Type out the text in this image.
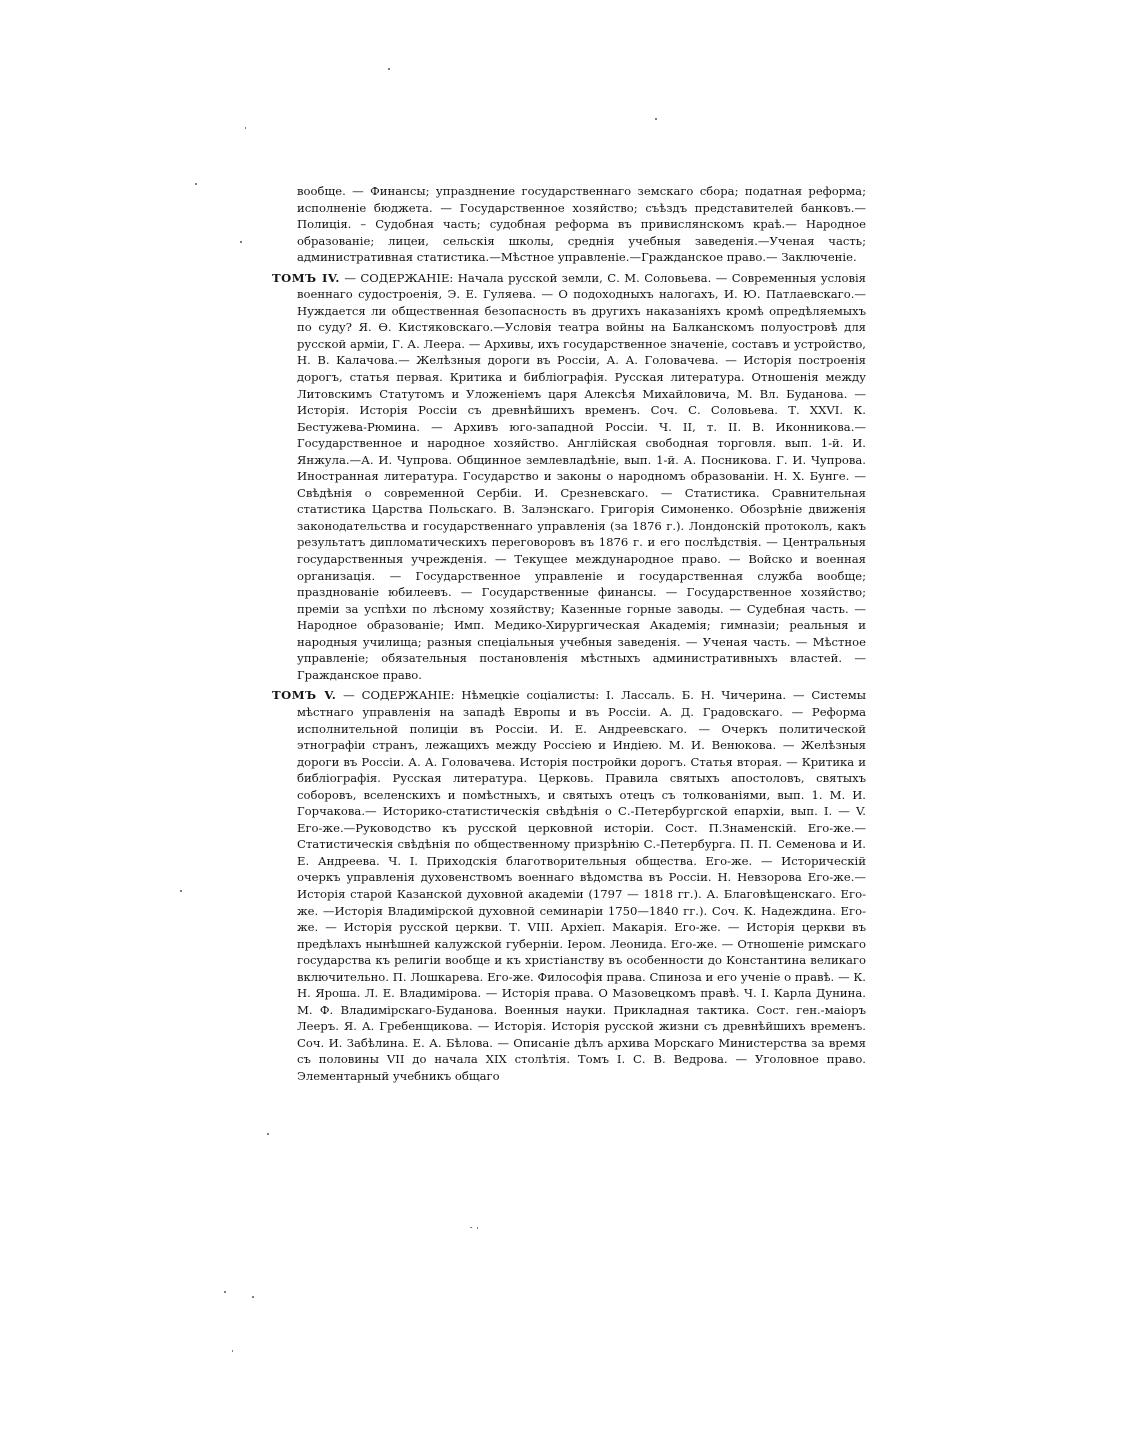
вообще. — Финансы; упразднение государственнаго земскаго сбора; податная реформа; исполненіе бюджета. — Государственное хозяйство; съѣздъ представителей банковъ.—Полиція. – Судобная часть; судобная реформа въ привислянскомъ краѣ.— Народное образованіе; лицеи, сельскія школы, среднія учебныя заведенія.—Ученая часть; административная статистика.—Мѣстное управленіе.—Гражданское право.— Заключеніе.

ТОМЪ IV. — СОДЕРЖАНІЕ: Начала русской земли, С. М. Соловьева. — Современныя условія военнаго судостроенія, Э. Е. Гуляева. — О подоходныхъ налогахъ, И. Ю. Патлаевскаго.—Нуждается ли общественная безопасность въ другихъ наказаніяхъ кромѣ опредѣляемыхъ по суду? Я. Ѳ. Кистяковскаго.—Условія театра войны на Балканскомъ полуостровѣ для русской арміи, Г. А. Леера. — Архивы, ихъ государственное значеніе, составъ и устройство, Н. В. Калачова.— Желѣзныя дороги въ Россіи, А. А. Головачева. — Исторія построенія дорогъ, статья первая. Критика и библіографія. Русская литература. Отношенія между Литовскимъ Статутомъ и Уложеніемъ царя Алексѣя Михайловича, М. Вл. Буданова. — Исторія. Исторія Россіи съ древнѣйшихъ временъ. Соч. С. Соловьева. Т. XXVI. К. Бестужева-Рюмина. — Архивъ юго-западной Россіи. Ч. II, т. II. В. Иконникова.—Государственное и народное хозяйство. Англійская свободная торговля. вып. 1-й. И. Янжула.—А. И. Чупрова. Общинное землевладѣніе, вып. 1-й. А. Посникова. Г. И. Чупрова. Иностранная литература. Государство и законы о народномъ образованіи. Н. Х. Бунге. — Свѣдѣнія о современной Сербіи. И. Срезневскаго. — Статистика. Сравнительная статистика Царства Польскаго. В. Залэнскаго. Григорія Симоненко. Обозрѣніе движенія законодательства и государственнаго управленія (за 1876 г.). Лондонскій протоколъ, какъ результатъ дипломатическихъ переговоровъ въ 1876 г. и его послѣдствія. — Центральныя государственныя учрежденія. — Текущее международное право. — Войско и военная организація. — Государственное управленіе и государственная служба вообще; празднованіе юбилеевъ. — Государственные финансы. — Государственное хозяйство; преміи за успѣхи по лѣсному хозяйству; Казенные горные заводы. — Судебная часть. — Народное образованіе; Имп. Медико-Хирургическая Академія; гимназіи; реальныя и народныя училища; разныя спеціальныя учебныя заведенія. — Ученая часть. — Мѣстное управленіе; обязательныя постановленія мѣстныхъ административныхъ властей. — Гражданское право.

ТОМЪ V. — СОДЕРЖАНІЕ: Нѣмецкіе соціалисты: І. Лассаль. Б. Н. Чичерина. — Системы мѣстнаго управленія на западѣ Европы и въ Россіи. А. Д. Градовскаго. — Реформа исполнительной полиціи въ Россіи. И. Е. Андреевскаго. — Очеркъ политической этнографіи странъ, лежащихъ между Россіею и Индіею. М. И. Венюкова. — Желѣзныя дороги въ Россіи. А. А. Головачева. Исторія постройки дорогъ. Статья вторая. — Критика и библіографія. Русская литература. Церковь. Правила святыхъ апостоловъ, святыхъ соборовъ, вселенскихъ и помѣстныхъ, и святыхъ отецъ съ толкованіями, вып. 1. М. И. Горчакова.— Историко-статистическія свѣдѣнія о С.-Петербургской епархіи, вып. I. — V. Его-же.—Руководство къ русской церковной исторіи. Сост. П.Знаменскій. Его-же.— Статистическія свѣдѣнія по общественному призрѣнію С.-Петербурга. П. П. Семенова и И. Е. Андреева. Ч. I. Приходскія благотворительныя общества. Его-же. — Историческій очеркъ управленія духовенствомъ военнаго вѣдомства въ Россіи. Н. Невзорова Его-же.—Исторія старой Казанской духовной академіи (1797 — 1818 гг.). А. Благовѣщенскаго. Его-же. —Исторія Владимірской духовной семинаріи 1750—1840 гг.). Соч. К. Надеждина. Его-же. — Исторія русской церкви. Т. VIII. Архіеп. Макарія. Его-же. — Исторія церкви въ предѣлахъ нынѣшней калужской губерніи. Іером. Леонида. Его-же. — Отношеніе римскаго государства къ религіи вообще и къ христіанству въ особенности до Константина великаго включительно. П. Лошкарева. Его-же. Философія права. Спиноза и его ученіе о правѣ. — К. Н. Яроша. Л. Е. Владимірова. — Исторія права. О Мазовецкомъ правѣ. Ч. I. Карла Дунина. М. Ф. Владимірскаго-Буданова. Военныя науки. Прикладная тактика. Сост. ген.-маіоръ Лееръ. Я. А. Гребенщикова. — Исторія. Исторія русской жизни съ древнѣйшихъ временъ. Соч. И. Забѣлина. Е. А. Бѣлова. — Описаніе дѣлъ архива Морскаго Министерства за время съ половины VII до начала XIX столѣтія. Томъ I. С. В. Ведрова. — Уголовное право. Элементарный учебникъ общаго
